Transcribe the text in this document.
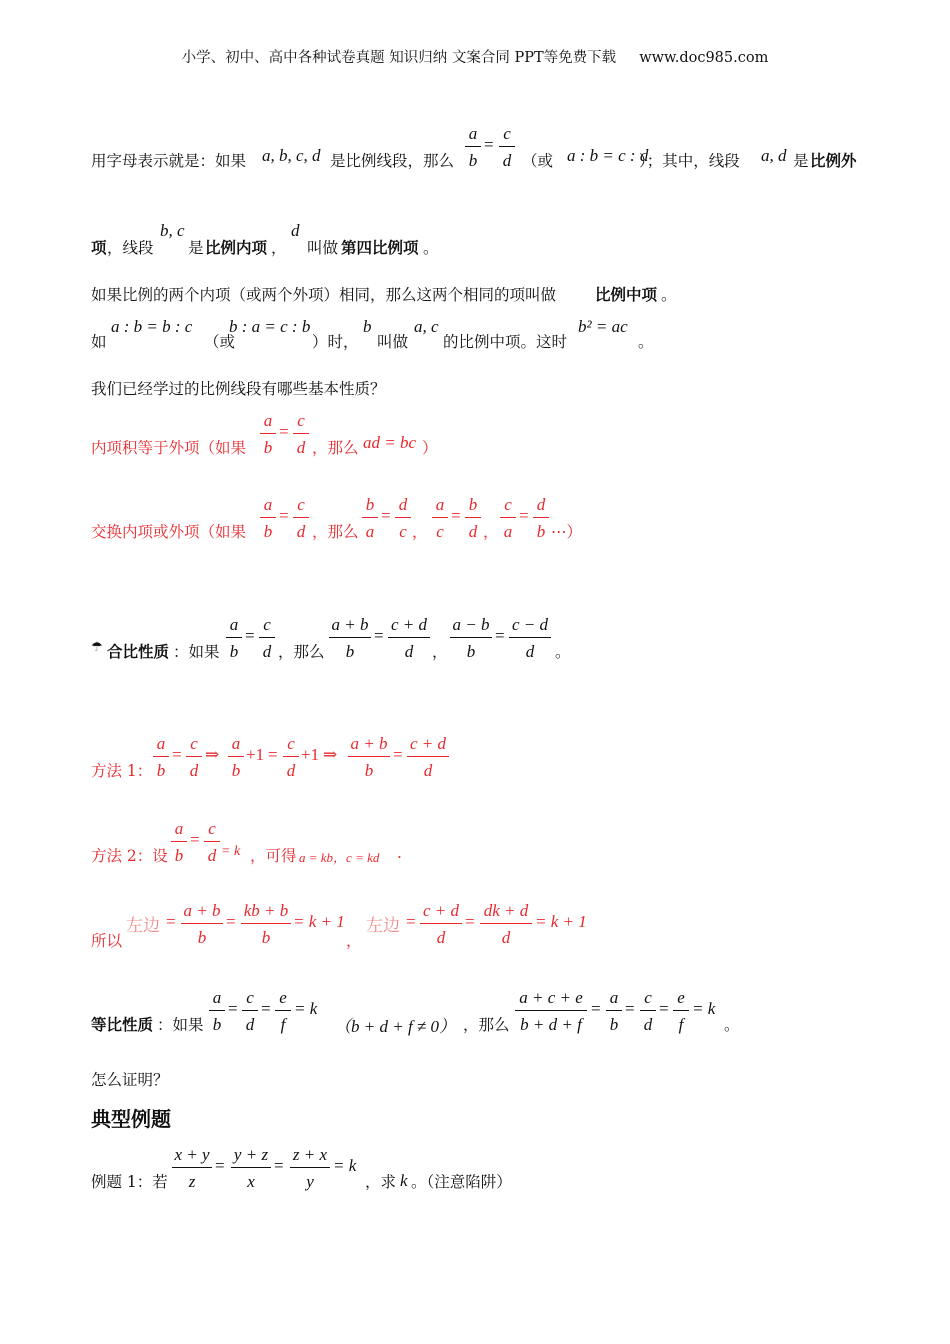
小学、初中、高中各种试卷真题 知识归纳 文案合同 PPT等免费下载 www.doc985.com
用字母表示就是：如果 a, b, c, d 是比例线段，那么
a
b
=
c
d （或 a : b = c : d
）；其中，线段 a, d 是 比例外
项 ，线段
b, c
是 比例内项 ，
d
叫做 第四比例项 。
如果比例的两个内项（或两个外项）相同，那么这两个相同的项叫做	比例中项 。
如
a : b = b : c
（或
b : a = c : b
）时，
b
叫做
a, c
的比例中项。这时
b² = ac
。
我们已经学过的比例线段有哪些基本性质？
内项积等于外项（如果
a
b
=
c
d ，那么 ad = bc ）
交换内项或外项（如果
a
b
=
c
d ，那么
b
a
=
d
c ，
a
c
=
b
d ，
c
a
=
d
b ⋯）
☂ 合比性质 ：如果
a
b
=
c
d ，那么
a + b
b
=
c + d
d	，
a − b
b
=
c − d
d	。
方法 1：
a
b
=
c
d
⇒
a
b
+1 =
c
d
+1 ⇒
a + b
b
=
c + d
d
方法 2：设
a
b
=
c
d = k ，可得 a = kb，c = kd .
所以
左边 =
a + b
b
=
kb + b
b
= k + 1
，
左边 =
c + d
d
=
dk + d
d
= k + 1
等比性质 ：如果
a
b
=
c
d
=
e
f
= k
（b + d + f ≠ 0） ，那么
a + c + e
b + d + f
=
a
b
=
c
d
=
e
f
= k
。
怎么证明？
典型例题
例题 1：若
x + y
z
=
y + z
x
=
z + x
y
= k
，求 k 。（注意陷阱）
